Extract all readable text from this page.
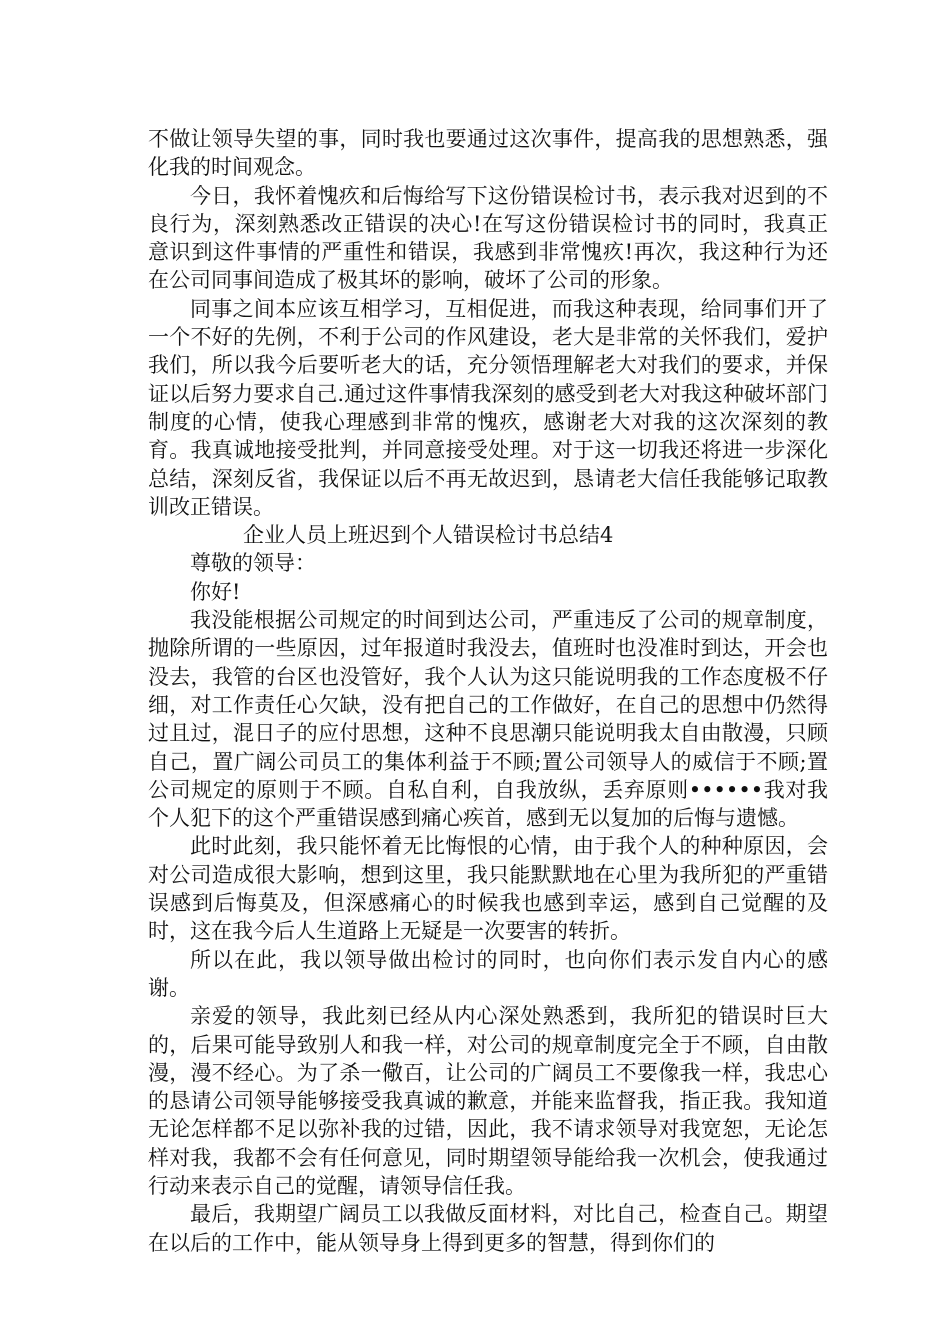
不做让领导失望的事，同时我也要通过这次事件，提高我的思想熟悉，强化我的时间观念。

今日，我怀着愧疚和后悔给写下这份错误检讨书，表示我对迟到的不良行为，深刻熟悉改正错误的决心!在写这份错误检讨书的同时，我真正意识到这件事情的严重性和错误，我感到非常愧疚!再次，我这种行为还在公司同事间造成了极其坏的影响，破坏了公司的形象。

同事之间本应该互相学习，互相促进，而我这种表现，给同事们开了一个不好的先例，不利于公司的作风建设，老大是非常的关怀我们，爱护我们，所以我今后要听老大的话，充分领悟理解老大对我们的要求，并保证以后努力要求自己.通过这件事情我深刻的感受到老大对我这种破坏部门制度的心情，使我心理感到非常的愧疚，感谢老大对我的这次深刻的教育。我真诚地接受批判，并同意接受处理。对于这一切我还将进一步深化总结，深刻反省，我保证以后不再无故迟到，恳请老大信任我能够记取教训改正错误。

企业人员上班迟到个人错误检讨书总结4

尊敬的领导：

你好!

我没能根据公司规定的时间到达公司，严重违反了公司的规章制度，抛除所谓的一些原因，过年报道时我没去，值班时也没准时到达，开会也没去，我管的台区也没管好，我个人认为这只能说明我的工作态度极不仔细，对工作责任心欠缺，没有把自己的工作做好，在自己的思想中仍然得过且过，混日子的应付思想，这种不良思潮只能说明我太自由散漫，只顾自己，置广阔公司员工的集体利益于不顾;置公司领导人的威信于不顾;置公司规定的原则于不顾。自私自利，自我放纵，丢弃原则••••••我对我个人犯下的这个严重错误感到痛心疾首，感到无以复加的后悔与遗憾。

此时此刻，我只能怀着无比悔恨的心情，由于我个人的种种原因，会对公司造成很大影响，想到这里，我只能默默地在心里为我所犯的严重错误感到后悔莫及，但深感痛心的时候我也感到幸运，感到自己觉醒的及时，这在我今后人生道路上无疑是一次要害的转折。

所以在此，我以领导做出检讨的同时，也向你们表示发自内心的感谢。

亲爱的领导，我此刻已经从内心深处熟悉到，我所犯的错误时巨大的，后果可能导致别人和我一样，对公司的规章制度完全于不顾，自由散漫，漫不经心。为了杀一儆百，让公司的广阔员工不要像我一样，我忠心的恳请公司领导能够接受我真诚的歉意，并能来监督我，指正我。我知道无论怎样都不足以弥补我的过错，因此，我不请求领导对我宽恕，无论怎样对我，我都不会有任何意见，同时期望领导能给我一次机会，使我通过行动来表示自己的觉醒，请领导信任我。

最后，我期望广阔员工以我做反面材料，对比自己，检查自己。期望在以后的工作中，能从领导身上得到更多的智慧，得到你们的
